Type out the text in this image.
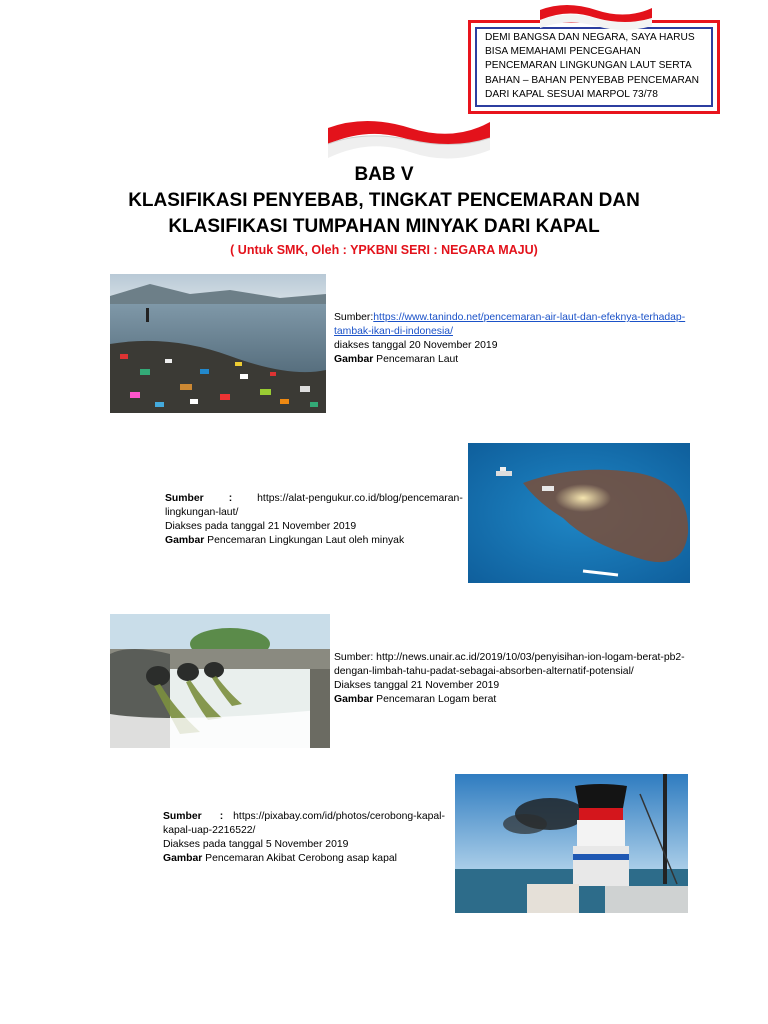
DEMI BANGSA DAN NEGARA, SAYA HARUS BISA MEMAHAMI PENCEGAHAN PENCEMARAN LINGKUNGAN LAUT SERTA BAHAN – BAHAN PENYEBAB PENCEMARAN DARI KAPAL SESUAI MARPOL 73/78
BAB V
KLASIFIKASI PENYEBAB, TINGKAT PENCEMARAN DAN
KLASIFIKASI TUMPAHAN MINYAK DARI KAPAL
( Untuk SMK, Oleh : YPKBNI SERI : NEGARA MAJU)
Sumber:https://www.tanindo.net/pencemaran-air-laut-dan-efeknya-terhadap-
tambak-ikan-di-indonesia/
diakses tanggal 20 November 2019
Gambar Pencemaran Laut
Sumber : https://alat-pengukur.co.id/blog/pencemaran-
lingkungan-laut/
Diakses pada tanggal 21 November 2019
Gambar Pencemaran Lingkungan Laut oleh minyak
Sumber: http://news.unair.ac.id/2019/10/03/penyisihan-ion-logam-berat-pb2-
dengan-limbah-tahu-padat-sebagai-absorben-alternatif-potensial/
Diakses tanggal 21 November 2019
Gambar Pencemaran Logam berat
Sumber : https://pixabay.com/id/photos/cerobong-kapal-
kapal-uap-2216522/
Diakses pada tanggal 5 November 2019
Gambar Pencemaran Akibat Cerobong asap kapal
